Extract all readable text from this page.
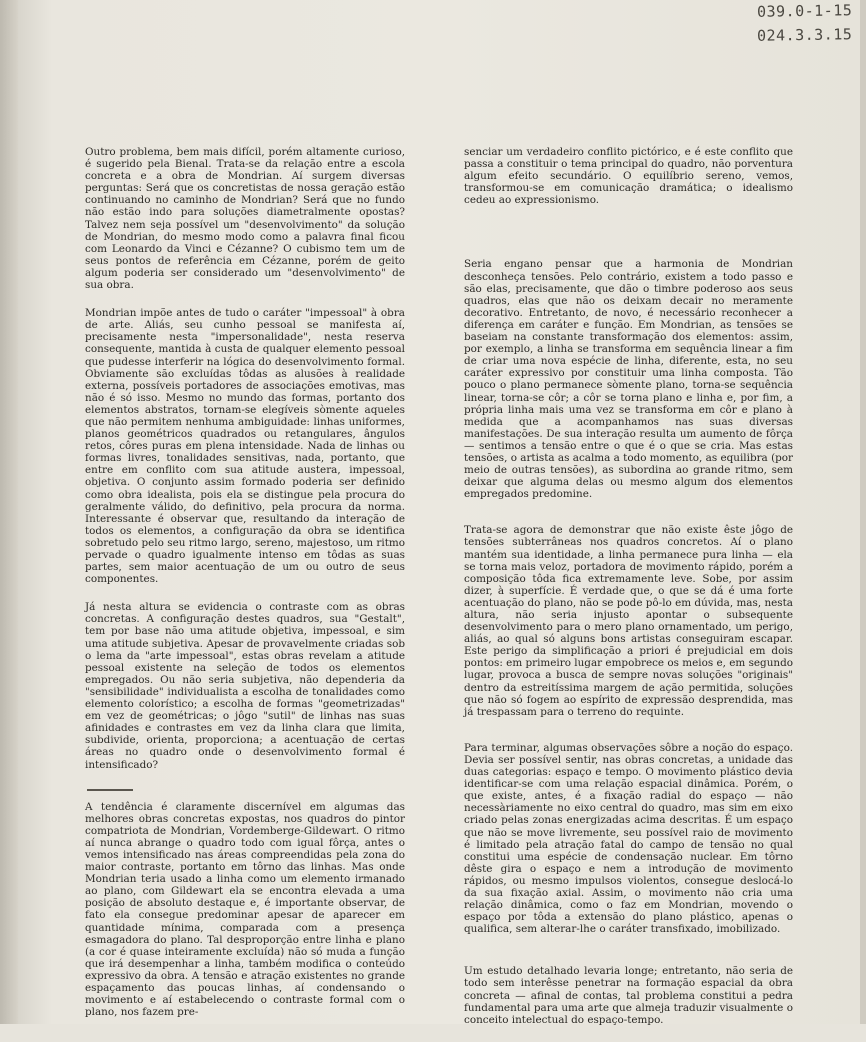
039.0-1-15
024.3.3.15

Outro problema, bem mais difícil, porém altamente curioso, é sugerido pela Bienal. Trata-se da relação entre a escola concreta e a obra de Mondrian. Aí surgem diversas perguntas: Será que os concretistas de nossa geração estão continuando no caminho de Mondrian? Será que no fundo não estão indo para soluções diametralmente opostas? Talvez nem seja possível um "desenvolvimento" da solução de Mondrian, do mesmo modo como a palavra final ficou com Leonardo da Vinci e Cézanne? O cubismo tem um de seus pontos de referência em Cézanne, porém de geito algum poderia ser considerado um "desenvolvimento" de sua obra.

Mondrian impõe antes de tudo o caráter "impessoal" à obra de arte. Aliás, seu cunho pessoal se manifesta aí, precisamente nesta "impersonalidade", nesta reserva consequente, mantida à custa de qualquer elemento pessoal que pudesse interferir na lógica do desenvolvimento formal. Obviamente são excluídas tôdas as alusões à realidade externa, possíveis portadores de associações emotivas, mas não é só isso. Mesmo no mundo das formas, portanto dos elementos abstratos, tornam-se elegíveis sòmente aqueles que não permitem nenhuma ambiguidade: linhas uniformes, planos geométricos quadrados ou retangulares, ângulos retos, côres puras em plena intensidade. Nada de linhas ou formas livres, tonalidades sensitivas, nada, portanto, que entre em conflito com sua atitude austera, impessoal, objetiva. O conjunto assim formado poderia ser definido como obra idealista, pois ela se distingue pela procura do geralmente válido, do definitivo, pela procura da norma. Interessante é observar que, resultando da interação de todos os elementos, a configuração da obra se identifica sobretudo pelo seu ritmo largo, sereno, majestoso, um ritmo pervade o quadro igualmente intenso em tôdas as suas partes, sem maior acentuação de um ou outro de seus componentes.

Já nesta altura se evidencia o contraste com as obras concretas. A configuração destes quadros, sua "Gestalt", tem por base não uma atitude objetiva, impessoal, e sim uma atitude subjetiva. Apesar de provavelmente criadas sob o lema da "arte impessoal", estas obras revelam a atitude pessoal existente na seleção de todos os elementos empregados. Ou não seria subjetiva, não dependeria da "sensibilidade" individualista a escolha de tonalidades como elemento colorístico; a escolha de formas "geometrizadas" em vez de geométricas; o jôgo "sutil" de linhas nas suas afinidades e contrastes em vez da linha clara que limita, subdivide, orienta, proporciona; a acentuação de certas áreas no quadro onde o desenvolvimento formal é intensificado?

A tendência é claramente discernível em algumas das melhores obras concretas expostas, nos quadros do pintor compatriota de Mondrian, Vordemberge-Gildewart. O ritmo aí nunca abrange o quadro todo com igual fôrça, antes o vemos intensificado nas áreas compreendidas pela zona do maior contraste, portanto em tôrno das linhas. Mas onde Mondrian teria usado a linha como um elemento irmanado ao plano, com Gildewart ela se encontra elevada a uma posição de absoluto destaque e, é importante observar, de fato ela consegue predominar apesar de aparecer em quantidade mínima, comparada com a presença esmagadora do plano. Tal desproporção entre linha e plano (a cor é quase inteiramente excluída) não só muda a função que irá desempenhar a linha, também modifica o conteúdo expressivo da obra. A tensão e atração existentes no grande espaçamento das poucas linhas, aí condensando o movimento e aí estabelecendo o contraste formal com o plano, nos fazem pre-

senciar um verdadeiro conflito pictórico, e é este conflito que passa a constituir o tema principal do quadro, não porventura algum efeito secundário. O equilíbrio sereno, vemos, transformou-se em comunicação dramática; o idealismo cedeu ao expressionismo.

Seria engano pensar que a harmonia de Mondrian desconheça tensões. Pelo contrário, existem a todo passo e são elas, precisamente, que dão o timbre poderoso aos seus quadros, elas que não os deixam decair no meramente decorativo. Entretanto, de novo, é necessário reconhecer a diferença em caráter e função. Em Mondrian, as tensões se baseiam na constante transformação dos elementos: assim, por exemplo, a linha se transforma em sequência linear a fim de criar uma nova espécie de linha, diferente, esta, no seu caráter expressivo por constituir uma linha composta. Tão pouco o plano permanece sòmente plano, torna-se sequência linear, torna-se côr; a côr se torna plano e linha e, por fim, a própria linha mais uma vez se transforma em côr e plano à medida que a acompanhamos nas suas diversas manifestações. De sua interação resulta um aumento de fôrça — sentimos a tensão entre o que é o que se cria. Mas estas tensões, o artista as acalma a todo momento, as equilibra (por meio de outras tensões), as subordina ao grande ritmo, sem deixar que alguma delas ou mesmo algum dos elementos empregados predomine.

Trata-se agora de demonstrar que não existe êste jôgo de tensões subterrâneas nos quadros concretos. Aí o plano mantém sua identidade, a linha permanece pura linha — ela se torna mais veloz, portadora de movimento rápido, porém a composição tôda fica extremamente leve. Sobe, por assim dizer, à superfície. É verdade que, o que se dá é uma forte acentuação do plano, não se pode pô-lo em dúvida, mas, nesta altura, não seria injusto apontar o subsequente desenvolvimento para o mero plano ornamentado, um perigo, aliás, ao qual só alguns bons artistas conseguiram escapar. Este perigo da simplificação a priori é prejudicial em dois pontos: em primeiro lugar empobrece os meios e, em segundo lugar, provoca a busca de sempre novas soluções "originais" dentro da estreitíssima margem de ação permitida, soluções que não só fogem ao espírito de expressão desprendida, mas já trespassam para o terreno do requinte.

Para terminar, algumas observações sôbre a noção do espaço. Devia ser possível sentir, nas obras concretas, a unidade das duas categorias: espaço e tempo. O movimento plástico devia identificar-se com uma relação espacial dinâmica. Porém, o que existe, antes, é a fixação radial do espaço — não necessàriamente no eixo central do quadro, mas sim em eixo criado pelas zonas energizadas acima descritas. É um espaço que não se move livremente, seu possível raio de movimento é limitado pela atração fatal do campo de tensão no qual constitui uma espécie de condensação nuclear. Em tôrno dêste gira o espaço e nem a introdução de movimento rápidos, ou mesmo impulsos violentos, consegue deslocá-lo da sua fixação axial. Assim, o movimento não cria uma relação dinâmica, como o faz em Mondrian, movendo o espaço por tôda a extensão do plano plástico, apenas o qualifica, sem alterar-lhe o caráter transfixado, imobilizado.

Um estudo detalhado levaria longe; entretanto, não seria de todo sem interêsse penetrar na formação espacial da obra concreta — afinal de contas, tal problema constitui a pedra fundamental para uma arte que almeja traduzir visualmente o conceito intelectual do espaço-tempo.
